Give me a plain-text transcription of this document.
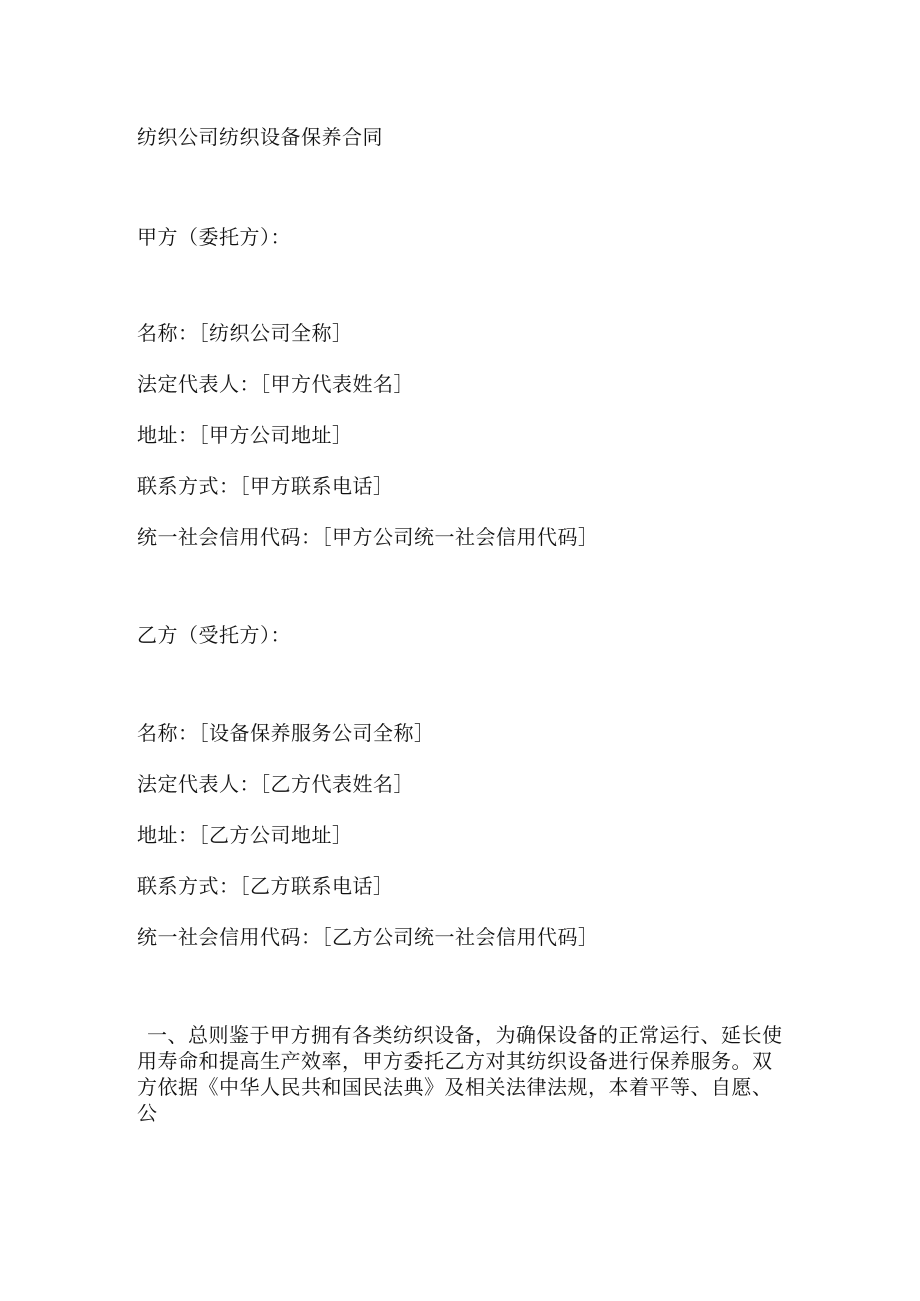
纺织公司纺织设备保养合同
甲方（委托方）：
名称：［纺织公司全称］
法定代表人：［甲方代表姓名］
地址：［甲方公司地址］
联系方式：［甲方联系电话］
统一社会信用代码：［甲方公司统一社会信用代码］
乙方（受托方）：
名称：［设备保养服务公司全称］
法定代表人：［乙方代表姓名］
地址：［乙方公司地址］
联系方式：［乙方联系电话］
统一社会信用代码：［乙方公司统一社会信用代码］
一、总则鉴于甲方拥有各类纺织设备，为确保设备的正常运行、延长使
用寿命和提高生产效率，甲方委托乙方对其纺织设备进行保养服务。双
方依据《中华人民共和国民法典》及相关法律法规，本着平等、自愿、
公
